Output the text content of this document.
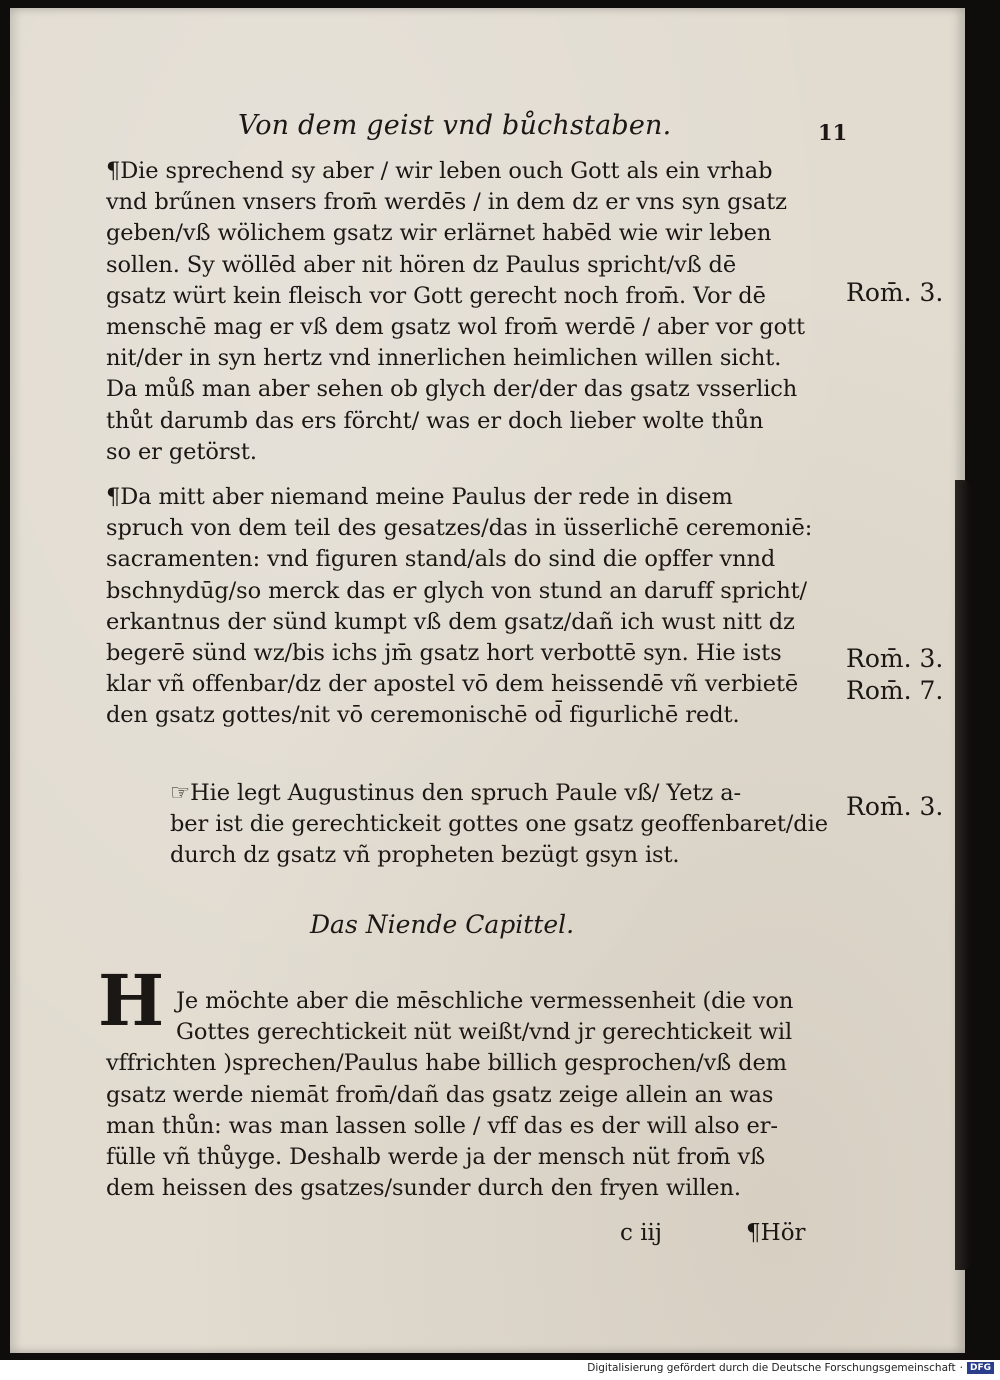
Von dem geist vnd bůchstaben.	11
¶Die sprechend sy aber / wir leben ouch Gott als ein vrhab
vnd brűnen vnsers from̄ werdēs / in dem dz er vns syn gsatz
geben/vß wölichem gsatz wir erlärnet habēd wie wir leben
sollen. Sy wöllēd aber nit hören dz Paulus spricht/vß dē
gsatz würt kein fleisch vor Gott gerecht noch from̄. Vor dē
menschē mag er vß dem gsatz wol from̄ werdē / aber vor gott
nit/der in syn hertz vnd innerlichen heimlichen willen sicht.
Da můß man aber sehen ob glych der/der das gsatz vsserlich
thůt darumb das ers förcht/ was er doch lieber wolte thůn
so er getörst.
¶Da mitt aber niemand meine Paulus der rede in disem
spruch von dem teil des gesatzes/das in üsserlichē ceremoniē:
sacramenten: vnd figuren stand/als do sind die opffer vnnd
bschnydūg/so merck das er glych von stund an daruff spricht/
erkantnus der sünd kumpt vß dem gsatz/dañ ich wust nitt dz
begerē sünd wz/bis ichs jm̄ gsatz hort verbottē syn. Hie ists
klar vñ offenbar/dz der apostel vō dem heissendē vñ verbietē
den gsatz gottes/nit vō ceremonischē od̄ figurlichē redt.
☞Hie legt Augustinus den spruch Paule vß/ Yetz a-
ber ist die gerechtickeit gottes one gsatz geoffenbaret/die
durch dz gsatz vñ propheten bezügt gsyn ist.
Rom̄. 3.
Rom̄. 3.
Rom̄. 7.
Rom̄. 3.
Das Niende Capittel.
H Je möchte aber die mēschliche vermessenheit (die von
Gottes gerechtickeit nüt weißt/vnd jr gerechtickeit wil
vffrichten )sprechen/Paulus habe billich gesprochen/vß dem
gsatz werde niemāt from̄/dañ das gsatz zeige allein an was
man thůn: was man lassen solle / vff das es der will also er-
fülle vñ thůyge. Deshalb werde ja der mensch nüt from̄ vß
dem heissen des gsatzes/sunder durch den fryen willen.
c iij	¶Hör
Digitalisierung gefördert durch die Deutsche Forschungsgemeinschaft · DFG
